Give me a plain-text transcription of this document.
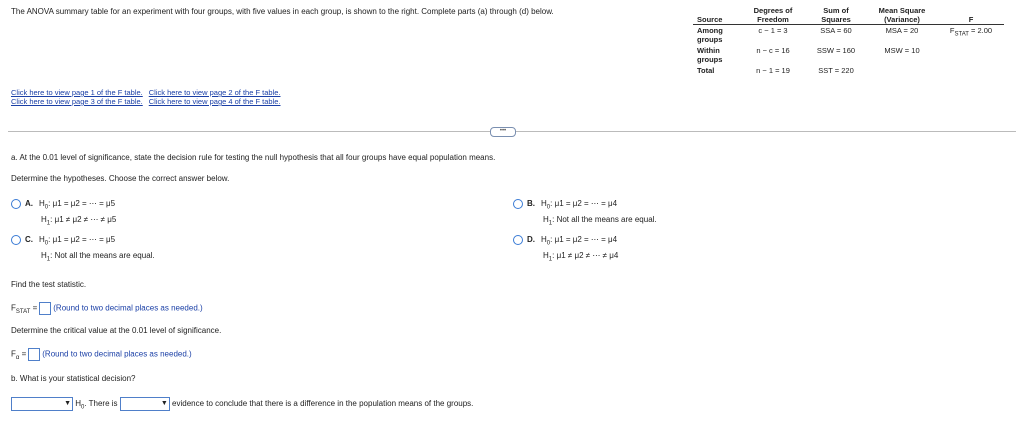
The ANOVA summary table for an experiment with four groups, with five values in each group, is shown to the right. Complete parts (a) through (d) below.
Click here to view page 1 of the F table. Click here to view page 2 of the F table.
Click here to view page 3 of the F table. Click here to view page 4 of the F table.
Source	Degrees of Freedom	Sum of Squares	Mean Square (Variance)	F
Among groups	c − 1 = 3	SSA = 60	MSA = 20	$F_{STAT} = 2.00$
Within groups	n − c = 16	SSW = 160	MSW = 10	
Total	n − 1 = 19	SST = 220		
•••
a. At the 0.01 level of significance, state the decision rule for testing the null hypothesis that all four groups have equal population means.
Determine the hypotheses. Choose the correct answer below.
A. $H_0$: μ1 = μ2 = ⋯ = μ5
$H_1$: μ1 ≠ μ2 ≠ ⋯ ≠ μ5
B. $H_0$: μ1 = μ2 = ⋯ = μ4
$H_1$: Not all the means are equal.
C. $H_0$: μ1 = μ2 = ⋯ = μ5
$H_1$: Not all the means are equal.
D. $H_0$: μ1 = μ2 = ⋯ = μ4
$H_1$: μ1 ≠ μ2 ≠ ⋯ ≠ μ4
Find the test statistic.
$F_{STAT}$ = (Round to two decimal places as needed.)
Determine the critical value at the 0.01 level of significance.
$F_\alpha$ = (Round to two decimal places as needed.)
b. What is your statistical decision?
▼ $H_0$. There is	▼ evidence to conclude that there is a difference in the population means of the groups.
